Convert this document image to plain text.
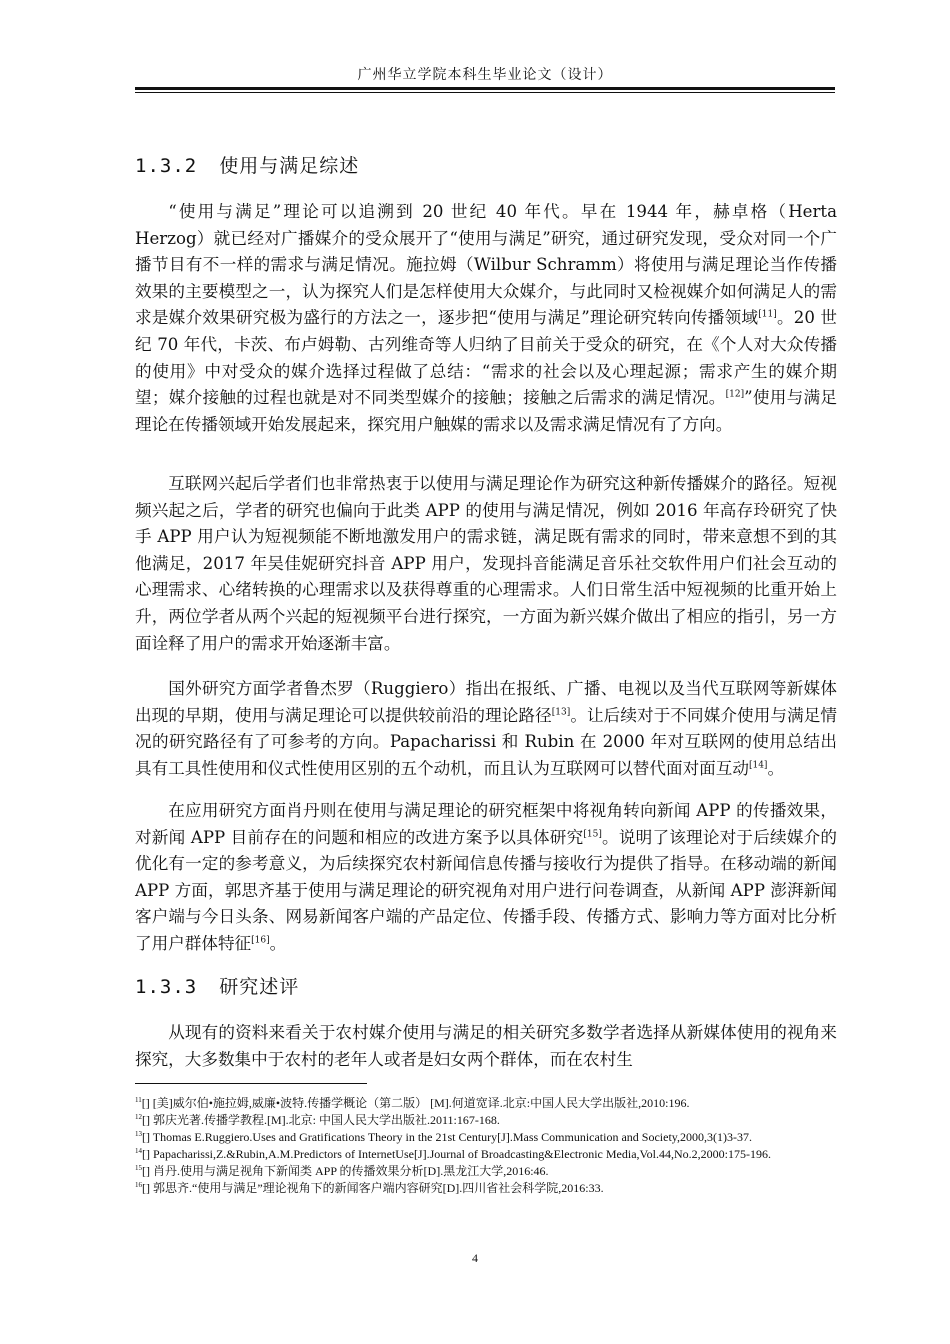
广州华立学院本科生毕业论文（设计）
1.3.2 使用与满足综述

“使用与满足”理论可以追溯到 20 世纪 40 年代。早在 1944 年，赫卓格（Herta Herzog）就已经对广播媒介的受众展开了“使用与满足”研究，通过研究发现，受众对同一个广播节目有不一样的需求与满足情况。施拉姆（Wilbur Schramm）将使用与满足理论当作传播效果的主要模型之一，认为探究人们是怎样使用大众媒介，与此同时又检视媒介如何满足人的需求是媒介效果研究极为盛行的方法之一，逐步把“使用与满足”理论研究转向传播领域[11]。20 世纪 70 年代，卡茨、布卢姆勒、古列维奇等人归纳了目前关于受众的研究，在《个人对大众传播的使用》中对受众的媒介选择过程做了总结：“需求的社会以及心理起源；需求产生的媒介期望；媒介接触的过程也就是对不同类型媒介的接触；接触之后需求的满足情况。[12]”使用与满足理论在传播领域开始发展起来，探究用户触媒的需求以及需求满足情况有了方向。

互联网兴起后学者们也非常热衷于以使用与满足理论作为研究这种新传播媒介的路径。短视频兴起之后，学者的研究也偏向于此类 APP 的使用与满足情况，例如 2016 年高存玲研究了快手 APP 用户认为短视频能不断地激发用户的需求链，满足既有需求的同时，带来意想不到的其他满足，2017 年吴佳妮研究抖音 APP 用户，发现抖音能满足音乐社交软件用户们社会互动的心理需求、心绪转换的心理需求以及获得尊重的心理需求。人们日常生活中短视频的比重开始上升，两位学者从两个兴起的短视频平台进行探究，一方面为新兴媒介做出了相应的指引，另一方面诠释了用户的需求开始逐渐丰富。

国外研究方面学者鲁杰罗（Ruggiero）指出在报纸、广播、电视以及当代互联网等新媒体出现的早期，使用与满足理论可以提供较前沿的理论路径[13]。让后续对于不同媒介使用与满足情况的研究路径有了可参考的方向。Papacharissi 和 Rubin 在 2000 年对互联网的使用总结出具有工具性使用和仪式性使用区别的五个动机，而且认为互联网可以替代面对面互动[14]。

在应用研究方面肖丹则在使用与满足理论的研究框架中将视角转向新闻 APP 的传播效果，对新闻 APP 目前存在的问题和相应的改进方案予以具体研究[15]。说明了该理论对于后续媒介的优化有一定的参考意义，为后续探究农村新闻信息传播与接收行为提供了指导。在移动端的新闻 APP 方面，郭思齐基于使用与满足理论的研究视角对用户进行问卷调查，从新闻 APP 澎湃新闻客户端与今日头条、网易新闻客户端的产品定位、传播手段、传播方式、影响力等方面对比分析了用户群体特征[16]。

1.3.3 研究述评

从现有的资料来看关于农村媒介使用与满足的相关研究多数学者选择从新媒体使用的视角来探究，大多数集中于农村的老年人或者是妇女两个群体，而在农村生

$^{11}$[] [美]威尔伯•施拉姆,威廉•波特.传播学概论（第二版） [M].何道宽译.北京:中国人民大学出版社,2010:196.

$^{12}$[] 郭庆光著.传播学教程.[M].北京: 中国人民大学出版社.2011:167-168.

$^{13}$[] Thomas E.Ruggiero.Uses and Gratifications Theory in the 21st Century[J].Mass Communication and Society,2000,3(1)3-37.

$^{14}$[] Papacharissi,Z.&Rubin,A.M.Predictors of InternetUse[J].Journal of Broadcasting&Electronic Media,Vol.44,No.2,2000:175-196.

$^{15}$[] 肖丹.使用与满足视角下新闻类 APP 的传播效果分析[D].黑龙江大学,2016:46.

$^{16}$[] 郭思齐.“使用与满足”理论视角下的新闻客户端内容研究[D].四川省社会科学院,2016:33.

4
